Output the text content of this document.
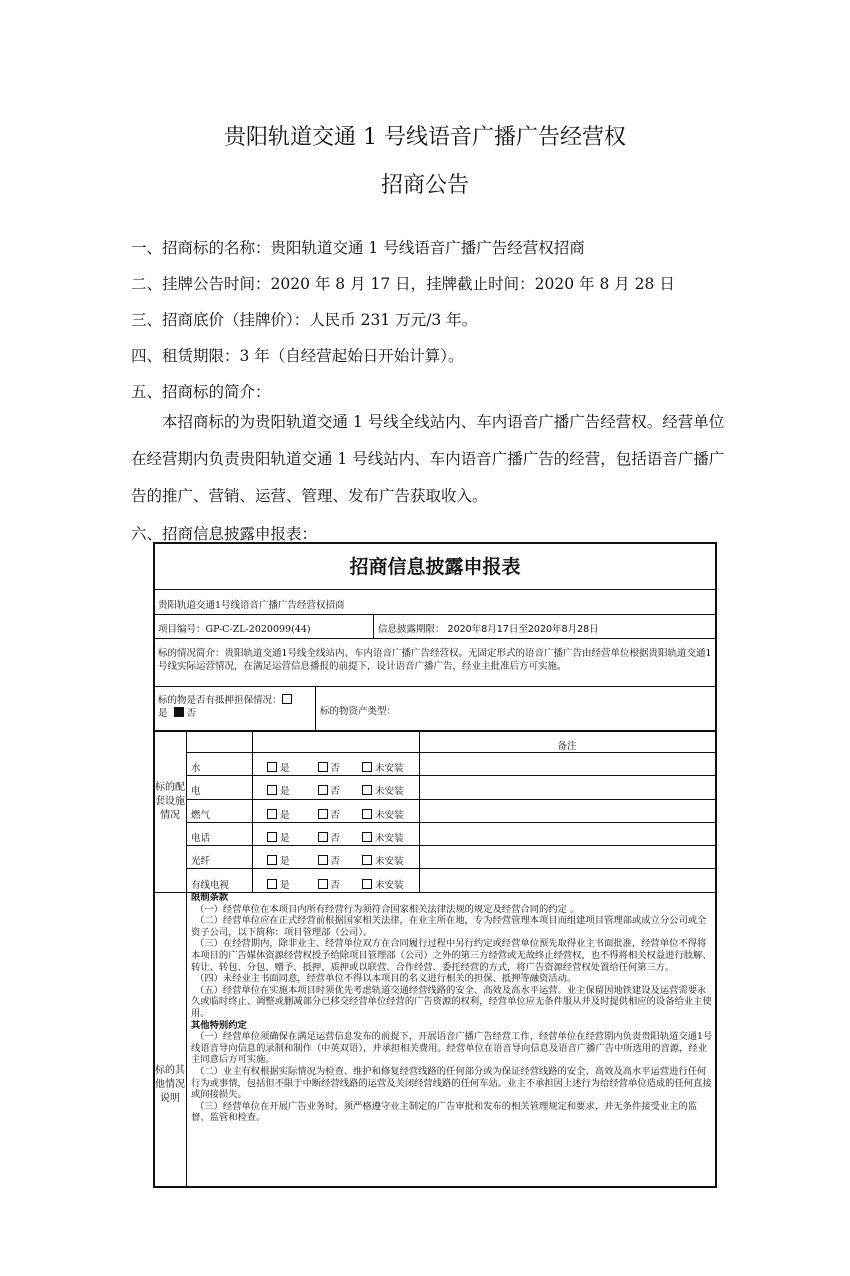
贵阳轨道交通 1 号线语音广播广告经营权
招商公告
一、招商标的名称：贵阳轨道交通 1 号线语音广播广告经营权招商
二、挂牌公告时间：2020 年 8 月 17 日，挂牌截止时间：2020 年 8 月 28 日
三、招商底价（挂牌价）：人民币 231 万元/3 年。
四、租赁期限：3 年（自经营起始日开始计算）。
五、招商标的简介：
本招商标的为贵阳轨道交通 1 号线全线站内、车内语音广播广告经营权。经营单位在经营期内负责贵阳轨道交通 1 号线站内、车内语音广播广告的经营，包括语音广播广告的推广、营销、运营、管理、发布广告获取收入。
六、招商信息披露申报表：
招商信息披露申报表
贵阳轨道交通1号线语音广播广告经营权招商
项目编号：GP-C-ZL-2020099(44)	信息披露期限： 2020年8月17日至2020年8月28日
标的情况简介：贵阳轨道交通1号线全线站内、车内语音广播广告经营权。无固定形式的语音广播广告由经营单位根据贵阳轨道交通1号线实际运营情况，在满足运营信息播报的前提下，设计语音广播广告，经业主批准后方可实施。
标的物是否有抵押担保情况：
是 否	标的物资产类型：
备注
标的配套设施情况
水	是	否	未安装
电	是	否	未安装
燃气	是	否	未安装
电话	是	否	未安装
光纤	是	否	未安装
有线电视	是	否	未安装
标的其他情况说明
限制条款

（一）经营单位在本项目内所有经营行为须符合国家相关法律法规的规定及经营合同的约定 。

（二）经营单位应在正式经营前根据国家相关法律，在业主所在地，专为经营管理本项目而组建项目管理部或成立分公司或全资子公司，以下简称：项目管理部（公司）。

（三）在经营期内，除非业主、经营单位双方在合同履行过程中另行约定或经营单位预先取得业主书面批准，经营单位不得将本项目的广告媒体资源经营权授予给除项目管理部（公司）之外的第三方经营或无故终止经营权，也不得将相关权益进行肢解、转让、转包、分包、赠予、抵押、质押或以联营、合作经营、委托经营的方式，将广告资源经营权处置给任何第三方。

（四）未经业主书面同意，经营单位不得以本项目的名义进行相关的担保、抵押等融资活动。

（五）经营单位在实施本项目时须优先考虑轨道交通经营线路的安全、高效及高水平运营。业主保留因地铁建设及运营需要永久或临时终止、调整或删减部分已移交经营单位经营的广告资源的权利，经营单位应无条件服从并及时提供相应的设备给业主使用。

其他特别约定

（一）经营单位须确保在满足运营信息发布的前提下，开展语音广播广告经营工作，经营单位在经营期内负责贵阳轨道交通1号线语音导向信息的录制和制作（中英双语），并承担相关费用。经营单位在语音导向信息及语音广播广告中所选用的音源，经业主同意后方可实施。

（二）业主有权根据实际情况为检查、维护和修复经营线路的任何部分或为保证经营线路的安全、高效及高水平运营进行任何行为或事情，包括但不限于中断经营线路的运营及关闭经营线路的任何车站。业主不承担因上述行为给经营单位造成的任何直接或间接损失。

（三）经营单位在开展广告业务时，须严格遵守业主制定的广告审批和发布的相关管理规定和要求，并无条件接受业主的监督、监管和检查。
